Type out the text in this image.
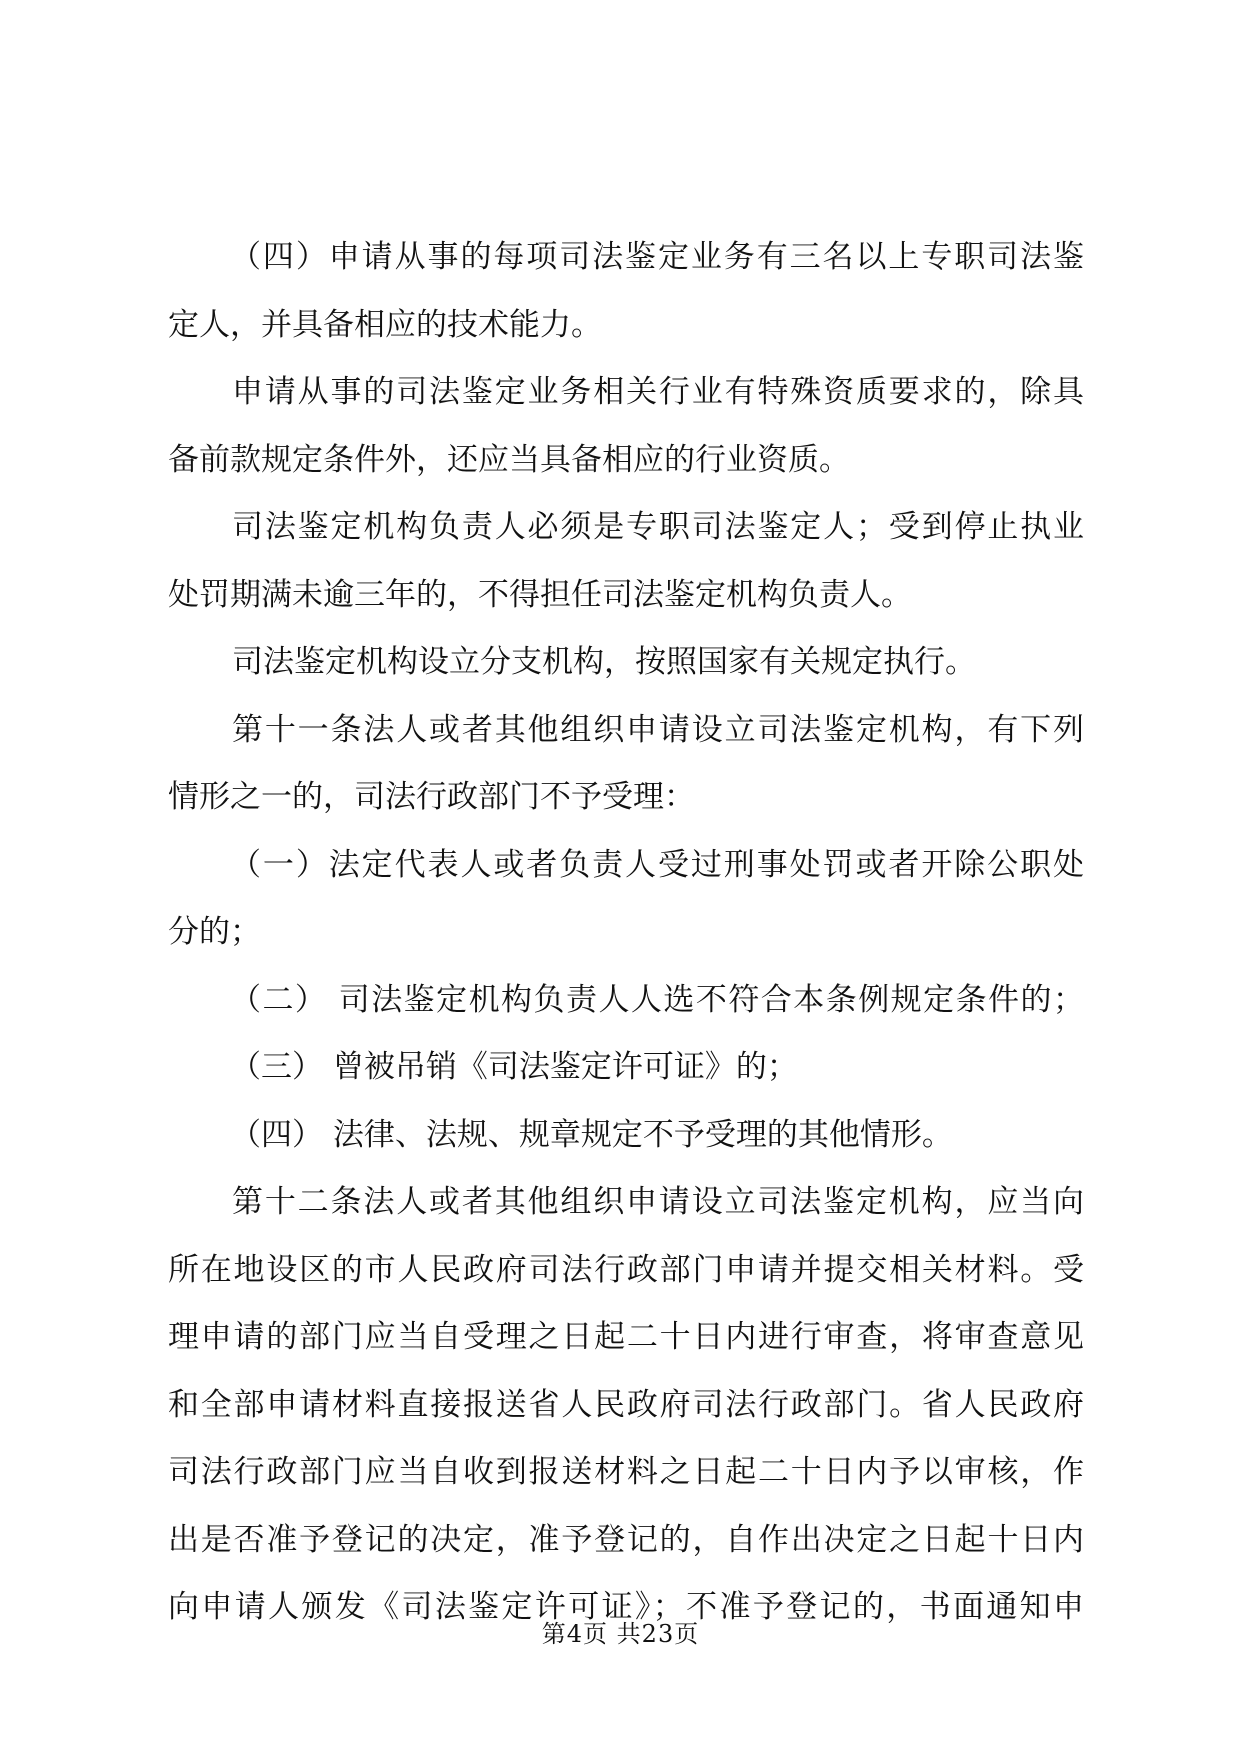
（四）申请从事的每项司法鉴定业务有三名以上专职司法鉴
定人，并具备相应的技术能力。
申请从事的司法鉴定业务相关行业有特殊资质要求的，除具
备前款规定条件外，还应当具备相应的行业资质。
司法鉴定机构负责人必须是专职司法鉴定人；受到停止执业
处罚期满未逾三年的，不得担任司法鉴定机构负责人。
司法鉴定机构设立分支机构，按照国家有关规定执行。
第十一条法人或者其他组织申请设立司法鉴定机构，有下列
情形之一的，司法行政部门不予受理：
（一）法定代表人或者负责人受过刑事处罚或者开除公职处
分的；
（二） 司法鉴定机构负责人人选不符合本条例规定条件的；
（三） 曾被吊销《司法鉴定许可证》的；
（四） 法律、法规、规章规定不予受理的其他情形。
第十二条法人或者其他组织申请设立司法鉴定机构，应当向
所在地设区的市人民政府司法行政部门申请并提交相关材料。受
理申请的部门应当自受理之日起二十日内进行审查，将审查意见
和全部申请材料直接报送省人民政府司法行政部门。省人民政府
司法行政部门应当自收到报送材料之日起二十日内予以审核，作
出是否准予登记的决定，准予登记的，自作出决定之日起十日内
向申请人颁发《司法鉴定许可证》；不准予登记的，书面通知申
第4页 共23页
